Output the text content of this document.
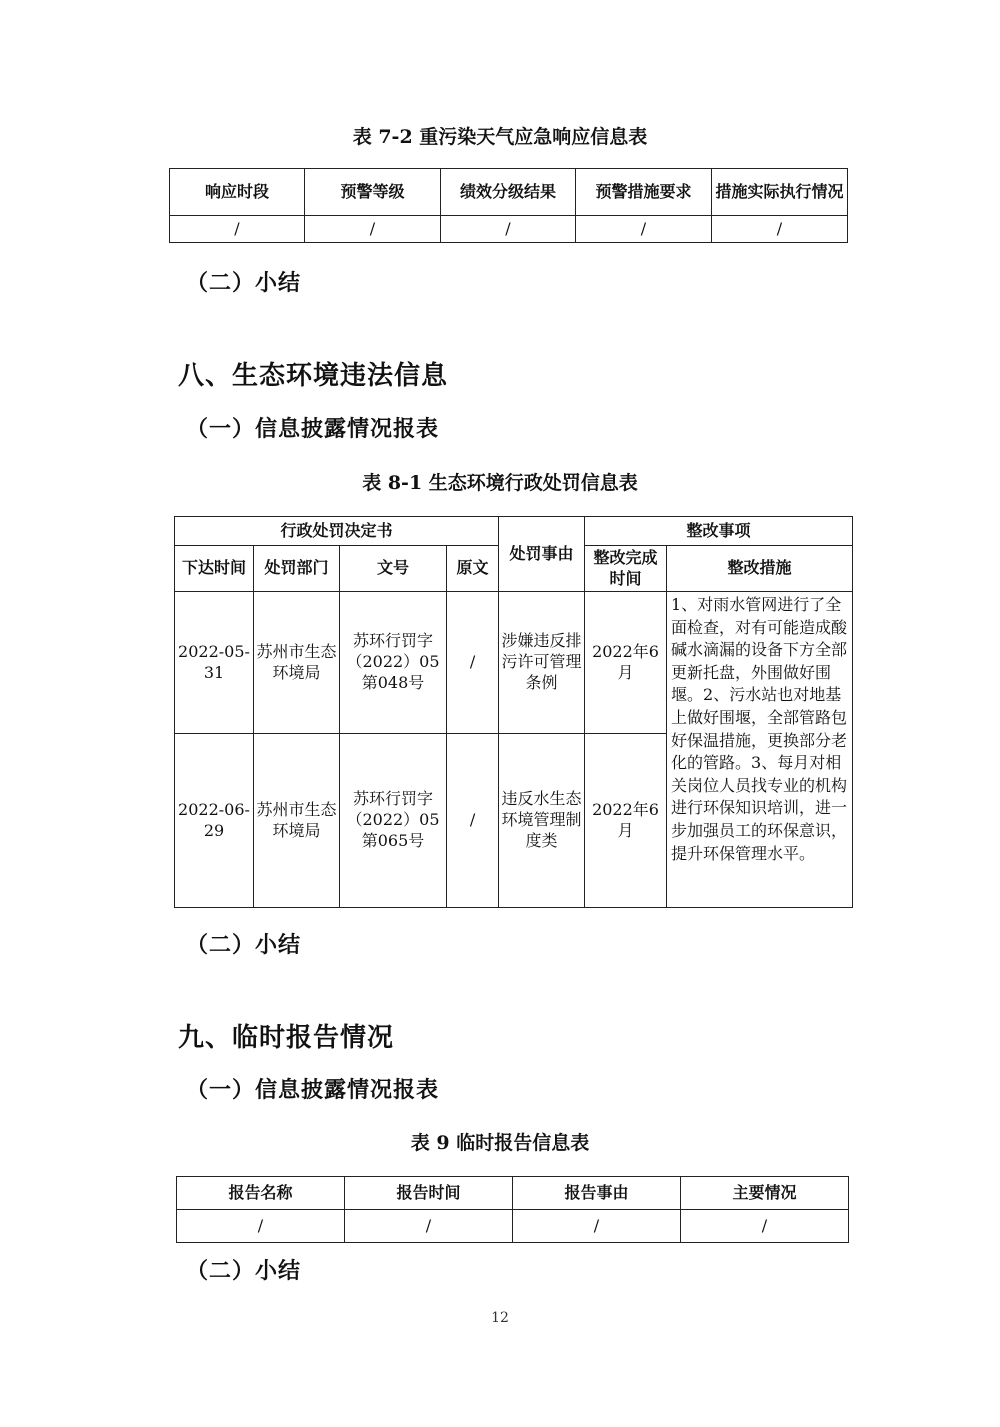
表 7-2 重污染天气应急响应信息表
响应时段	预警等级	绩效分级结果	预警措施要求	措施实际执行情况
/	/	/	/	/
（二）小结
八、生态环境违法信息
（一）信息披露情况报表
表 8-1 生态环境行政处罚信息表
行政处罚决定书				处罚事由	整改事项	
下达时间	处罚部门	文号	原文		整改完成时间	整改措施
2022-05-31	苏州市生态环境局	苏环行罚字（2022）05第048号	/	涉嫌违反排污许可管理条例	2022年6月	1、对雨水管网进行了全面检查，对有可能造成酸碱水滴漏的设备下方全部更新托盘，外围做好围堰。2、污水站也对地基上做好围堰，全部管路包好保温措施，更换部分老化的管路。3、每月对相关岗位人员找专业的机构进行环保知识培训，进一步加强员工的环保意识，提升环保管理水平。
2022-06-29	苏州市生态环境局	苏环行罚字（2022）05第065号	/	违反水生态环境管理制度类	2022年6月	
（二）小结
九、临时报告情况
（一）信息披露情况报表
表 9 临时报告信息表
报告名称	报告时间	报告事由	主要情况
/	/	/	/
（二）小结
12
